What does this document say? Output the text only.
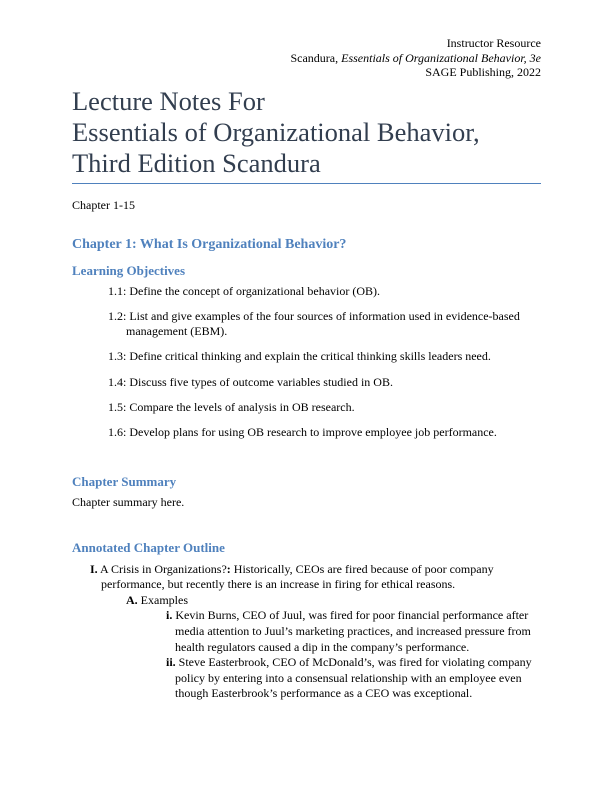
Instructor Resource
Scandura, Essentials of Organizational Behavior, 3e
SAGE Publishing, 2022
Lecture Notes For
Essentials of Organizational Behavior,
Third Edition Scandura
Chapter 1-15
Chapter 1: What Is Organizational Behavior?
Learning Objectives
1.1: Define the concept of organizational behavior (OB).
1.2: List and give examples of the four sources of information used in evidence-based management (EBM).
1.3: Define critical thinking and explain the critical thinking skills leaders need.
1.4: Discuss five types of outcome variables studied in OB.
1.5: Compare the levels of analysis in OB research.
1.6: Develop plans for using OB research to improve employee job performance.
Chapter Summary
Chapter summary here.
Annotated Chapter Outline
I. A Crisis in Organizations?: Historically, CEOs are fired because of poor company performance, but recently there is an increase in firing for ethical reasons.
A. Examples
i. Kevin Burns, CEO of Juul, was fired for poor financial performance after media attention to Juul’s marketing practices, and increased pressure from health regulators caused a dip in the company’s performance.
ii. Steve Easterbrook, CEO of McDonald’s, was fired for violating company policy by entering into a consensual relationship with an employee even though Easterbrook’s performance as a CEO was exceptional.
